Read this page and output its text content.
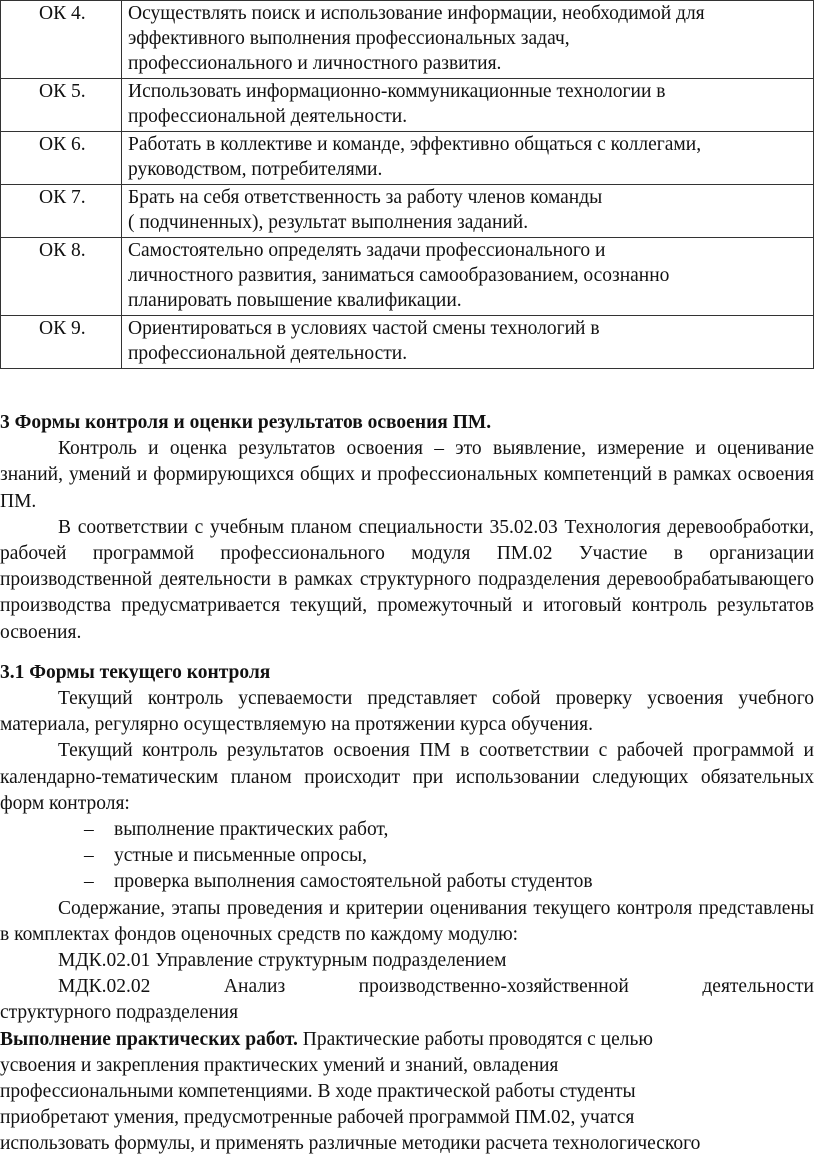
ОК 4.	Осуществлять поиск и использование информации, необходимой для
эффективного выполнения профессиональных задач,
профессионального и личностного развития.

ОК 5.	Использовать информационно-коммуникационные технологии в
профессиональной деятельности.

ОК 6.	Работать в коллективе и команде, эффективно общаться с коллегами,
руководством, потребителями.

ОК 7.	Брать на себя ответственность за работу членов команды
( подчиненных), результат выполнения заданий.

ОК 8.	Самостоятельно определять задачи профессионального и
личностного развития, заниматься самообразованием, осознанно
планировать повышение квалификации.

ОК 9.	Ориентироваться в условиях частой смены технологий в
профессиональной деятельности.

3 Формы контроля и оценки результатов освоения ПМ.

Контроль и оценка результатов освоения – это выявление, измерение и оценивание знаний, умений и формирующихся общих и профессиональных компетенций в рамках освоения ПМ.

В соответствии с учебным планом специальности 35.02.03 Технология деревообработки, рабочей программой профессионального модуля ПМ.02 Участие в организации производственной деятельности в рамках структурного подразделения деревообрабатывающего производства предусматривается текущий, промежуточный и итоговый контроль результатов освоения.

3.1 Формы текущего контроля

Текущий контроль успеваемости представляет собой проверку усвоения учебного материала, регулярно осуществляемую на протяжении курса обучения.

Текущий контроль результатов освоения ПМ в соответствии с рабочей программой и календарно-тематическим планом происходит при использовании следующих обязательных форм контроля:

– выполнение практических работ,
– устные и письменные опросы,
– проверка выполнения самостоятельной работы студентов

Содержание, этапы проведения и критерии оценивания текущего контроля представлены в комплектах фондов оценочных средств по каждому модулю:

МДК.02.01 Управление структурным подразделением

МДК.02.02 Анализ производственно-хозяйственной деятельности

структурного подразделения

Выполнение практических работ. Практические работы проводятся с целью
усвоения и закрепления практических умений и знаний, овладения
профессиональными компетенциями. В ходе практической работы студенты
приобретают умения, предусмотренные рабочей программой ПМ.02, учатся
использовать формулы, и применять различные методики расчета технологического
